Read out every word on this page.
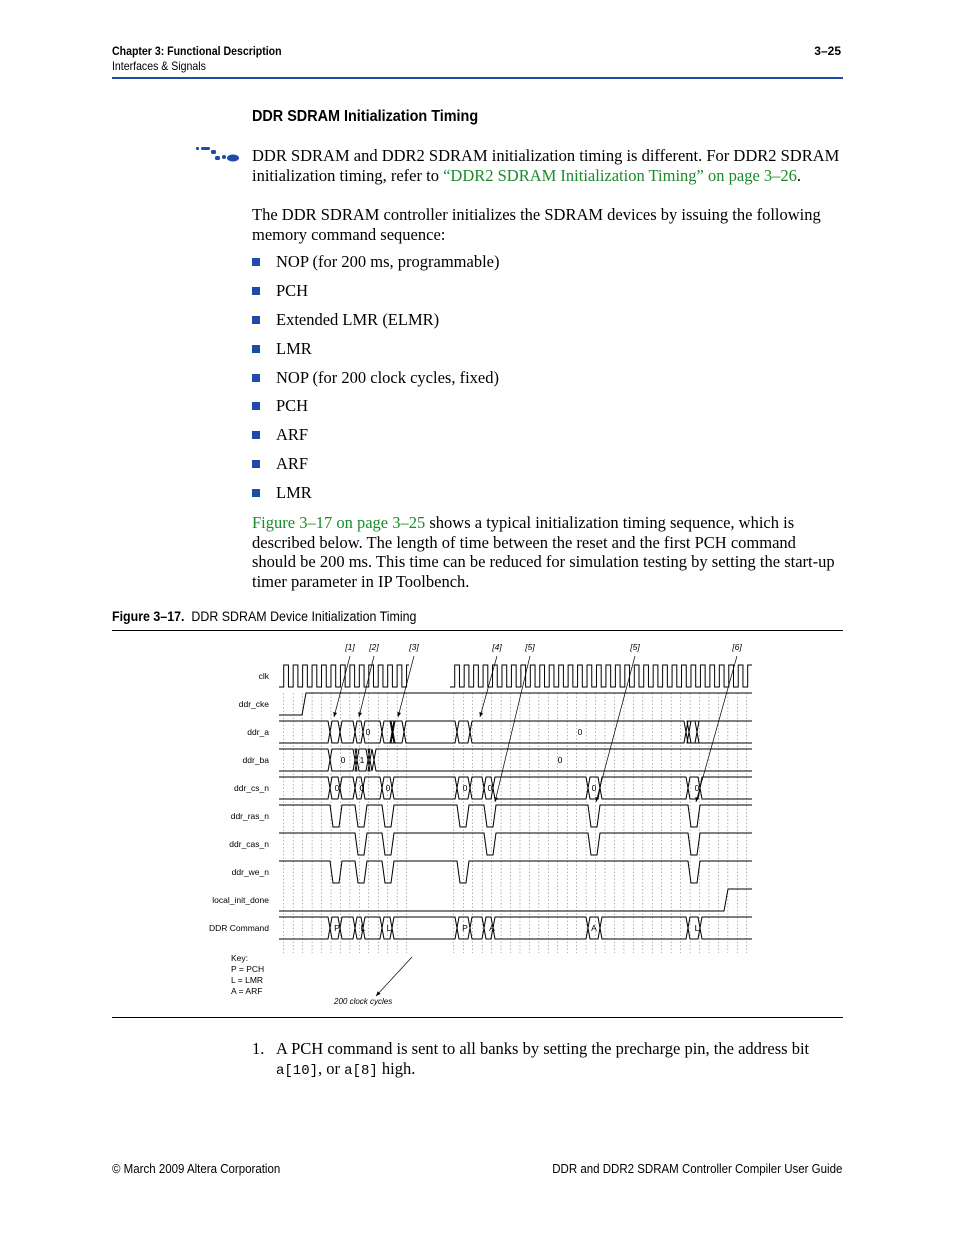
Chapter 3: Functional Description
Interfaces & Signals
3–25
DDR SDRAM Initialization Timing
DDR SDRAM and DDR2 SDRAM initialization timing is different. For DDR2 SDRAM initialization timing, refer to “DDR2 SDRAM Initialization Timing” on page 3–26.
The DDR SDRAM controller initializes the SDRAM devices by issuing the following memory command sequence:
NOP (for 200 ms, programmable)
PCH
Extended LMR (ELMR)
LMR
NOP (for 200 clock cycles, fixed)
PCH
ARF
ARF
LMR
Figure 3–17 on page 3–25 shows a typical initialization timing sequence, which is described below. The length of time between the reset and the first PCH command should be 200 ms. This time can be reduced for simulation testing by setting the start-up timer parameter in IP Toolbench.
Figure 3–17. DDR SDRAM Device Initialization Timing
[1] [2]	[3]	[4]	[5]	[5]	[6]
clk
ddr_cke
ddr_a
ddr_ba
ddr_cs_n
ddr_ras_n
ddr_cas_n
ddr_we_n
local_init_done
DDR Command
0	0
0 1	0
0 0	0	0 0	0	0
P L	L	P	A	A	L
Key:
P = PCH
L = LMR
A = ARF
200 clock cycles
1. A PCH command is sent to all banks by setting the precharge pin, the address bit a[10], or a[8] high.
© March 2009 Altera Corporation	DDR and DDR2 SDRAM Controller Compiler User Guide
